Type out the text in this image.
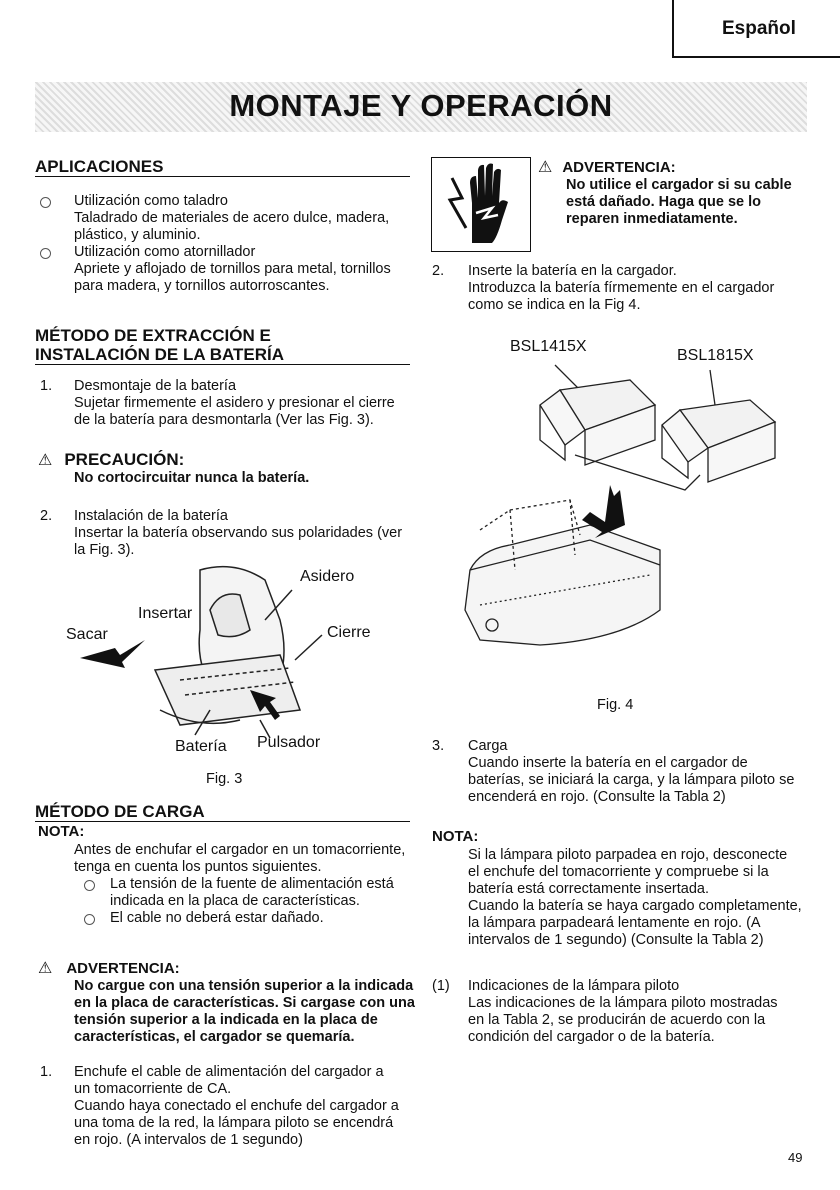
Español
MONTAJE Y OPERACIÓN
APLICACIONES
Utilización como taladro
Taladrado de materiales de acero dulce, madera,
plástico, y aluminio.
Utilización como atornillador
Apriete y aflojado de tornillos para metal, tornillos
para madera, y tornillos autorroscantes.
MÉTODO DE EXTRACCIÓN E
INSTALACIÓN DE LA BATERÍA
1. Desmontaje de la batería
Sujetar firmemente el asidero y presionar el cierre
de la batería para desmontarla (Ver las Fig. 3).
⚠ PRECAUCIÓN:
No cortocircuitar nunca la batería.
2. Instalación de la batería
Insertar la batería observando sus polaridades (ver
la Fig. 3).
Asidero
Insertar
Sacar	Cierre
Batería Pulsador
Fig. 3
MÉTODO DE CARGA
NOTA:
Antes de enchufar el cargador en un tomacorriente,
tenga en cuenta los puntos siguientes.
La tensión de la fuente de alimentación está
indicada en la placa de características.
El cable no deberá estar dañado.
⚠ ADVERTENCIA:
No cargue con una tensión superior a la indicada
en la placa de características. Si cargase con una
tensión superior a la indicada en la placa de
características, el cargador se quemaría.
1. Enchufe el cable de alimentación del cargador a
un tomacorriente de CA.
Cuando haya conectado el enchufe del cargador a
una toma de la red, la lámpara piloto se encendrá
en rojo. (A intervalos de 1 segundo)
⚠ ADVERTENCIA:
No utilice el cargador si su cable
está dañado. Haga que se lo
reparen inmediatamente.
2. Inserte la batería en la cargador.
Introduzca la batería fírmemente en el cargador
como se indica en la Fig 4.
BSL1415X
BSL1815X
Fig. 4
3. Carga
Cuando inserte la batería en el cargador de
baterías, se iniciará la carga, y la lámpara piloto se
encenderá en rojo. (Consulte la Tabla 2)
NOTA:
Si la lámpara piloto parpadea en rojo, desconecte
el enchufe del tomacorriente y compruebe si la
batería está correctamente insertada.
Cuando la batería se haya cargado completamente,
la lámpara parpadeará lentamente en rojo. (A
intervalos de 1 segundo) (Consulte la Tabla 2)
(1) Indicaciones de la lámpara piloto
Las indicaciones de la lámpara piloto mostradas
en la Tabla 2, se producirán de acuerdo con la
condición del cargador o de la batería.
49
